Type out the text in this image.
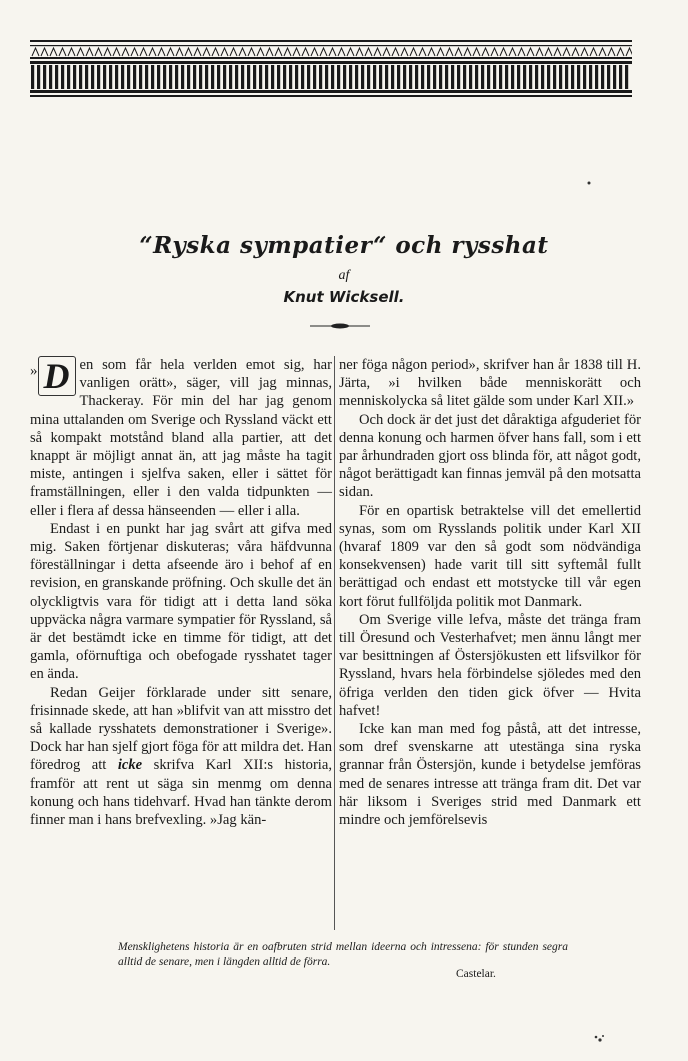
“Ryska sympatier“ och rysshat
af
Knut Wicksell.

» D en som får hela verlden emot sig, har vanligen orätt», säger, vill jag minnas, Thackeray. För min del har jag genom mina uttalanden om Sverige och Ryssland väckt ett så kompakt motstånd bland alla partier, att det knappt är möjligt annat än, att jag måste ha tagit miste, antingen i sjelfva saken, eller i sättet för framställningen, eller i den valda tidpunkten — eller i flera af dessa hänseenden — eller i alla.

Endast i en punkt har jag svårt att gifva med mig. Saken förtjenar diskuteras; våra häfdvunna föreställningar i detta afseende äro i behof af en revision, en granskande pröfning. Och skulle det än olyckligtvis vara för tidigt att i detta land söka uppväcka några varmare sympatier för Ryssland, så är det bestämdt icke en timme för tidigt, att det gamla, oförnuftiga och obefogade rysshatet tager en ända.

Redan Geijer förklarade under sitt senare, frisinnade skede, att han »blifvit van att misstro det så kallade rysshatets demonstrationer i Sverige». Dock har han sjelf gjort föga för att mildra det. Han föredrog att icke skrifva Karl XII:s historia, framför att rent ut säga sin menmg om denna konung och hans tidehvarf. Hvad han tänkte derom finner man i hans brefvexling. »Jag kän-

ner föga någon period», skrifver han år 1838 till H. Järta, »i hvilken både menniskorätt och menniskolycka så litet gälde som under Karl XII.»

Och dock är det just det dåraktiga afguderiet för denna konung och harmen öfver hans fall, som i ett par århundraden gjort oss blinda för, att något godt, något berättigadt kan finnas jemväl på den motsatta sidan.

För en opartisk betraktelse vill det emellertid synas, som om Rysslands politik under Karl XII (hvaraf 1809 var den så godt som nödvändiga konsekvensen) hade varit till sitt syftemål fullt berättigad och endast ett motstycke till vår egen kort förut fullföljda politik mot Danmark.

Om Sverige ville lefva, måste det tränga fram till Öresund och Vesterhafvet; men ännu långt mer var besittningen af Östersjökusten ett lifsvilkor för Ryssland, hvars hela förbindelse sjöledes med den öfriga verlden den tiden gick öfver — Hvita hafvet!

Icke kan man med fog påstå, att det intresse, som dref svenskarne att utestänga sina ryska grannar från Östersjön, kunde i betydelse jemföras med de senares intresse att tränga fram dit. Det var här liksom i Sveriges strid med Danmark ett mindre och jemförelsevis

Mensklighetens historia är en oafbruten strid mellan ideerna och intressena: för stunden segra alltid de senare, men i längden alltid de förra.
Castelar.
